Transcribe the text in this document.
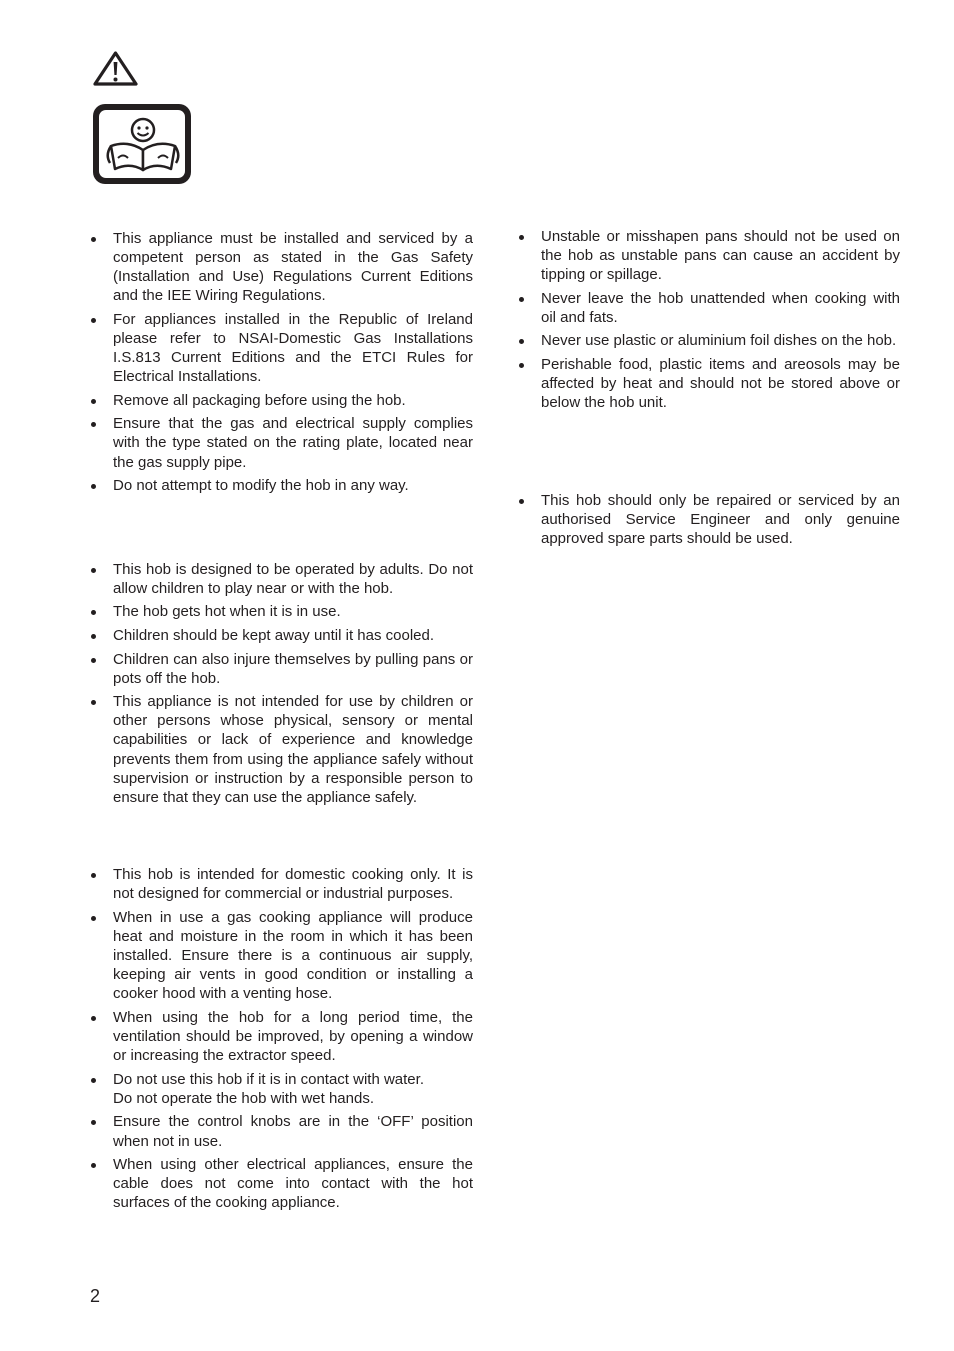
This appliance must be installed and serviced by a competent person as stated in the Gas Safety (Installation and Use) Regulations Current Editions and the IEE Wiring Regulations.
For appliances installed in the Republic of Ireland please refer to NSAI-Domestic Gas Installations I.S.813 Current Editions and the ETCI Rules for Electrical Installations.
Remove all packaging before using the hob.
Ensure that the gas and electrical supply complies with the type stated on the rating plate, located near the gas supply pipe.
Do not attempt to modify the hob in any way.
This hob is designed to be operated by adults. Do not allow children to play near or with the hob.
The hob gets hot when it is in use.
Children should be kept away until it has cooled.
Children can also injure themselves by pulling pans or pots off the hob.
This appliance is not intended for use by children or other persons whose physical, sensory or mental capabilities or lack of experience and knowledge prevents them from using the appliance safely without supervision or instruction by a responsible person to ensure that they can use the appliance safely.
This hob is intended for domestic cooking only. It is not designed for commercial or industrial purposes.
When in use a gas cooking appliance will produce heat and moisture in the room in which it has been installed. Ensure there is a continuous air supply, keeping air vents in good condition or installing a cooker hood with a venting hose.
When using the hob for a long period time, the ventilation should be improved, by opening a window or increasing the extractor speed.
Do not use this hob if it is in contact with water.
Do not operate the hob with wet hands.
Ensure the control knobs are in the ‘OFF’ position when not in use.
When using other electrical appliances, ensure the cable does not come into contact with the hot surfaces of the cooking appliance.
Unstable or misshapen pans should not be used on the hob as unstable pans can cause an accident by tipping or spillage.
Never leave the hob unattended when cooking with oil and fats.
Never use plastic or aluminium foil dishes on the hob.
Perishable food, plastic items and areosols may be affected by heat and should not be stored above or below the hob unit.
This hob should only be repaired or serviced by an authorised Service Engineer and only genuine approved spare parts should be used.
2
